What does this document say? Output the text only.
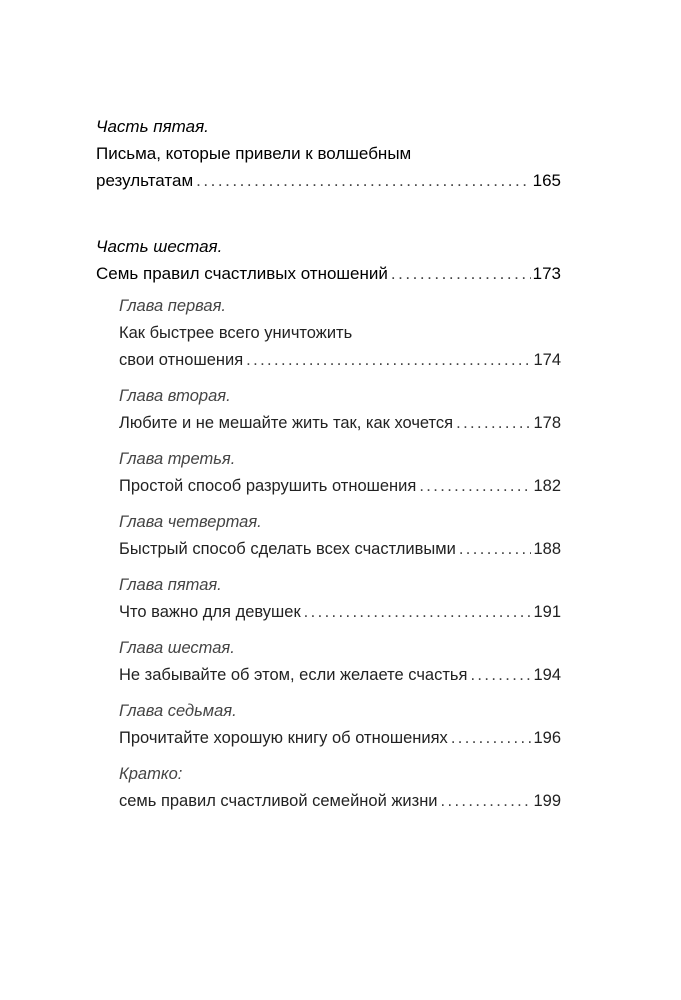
Часть пятая.
Письма, которые привели к волшебным
результатам . . .	165
Часть шестая.
Семь правил счастливых отношений . . .	173
Глава первая.
Как быстрее всего уничтожить
свои отношения . . .	174
Глава вторая.
Любите и не мешайте жить так, как хочется . . .	178
Глава третья.
Простой способ разрушить отношения . . .	182
Глава четвертая.
Быстрый способ сделать всех счастливыми . . .	188
Глава пятая.
Что важно для девушек . . .	191
Глава шестая.
Не забывайте об этом, если желаете счастья . . .	194
Глава седьмая.
Прочитайте хорошую книгу об отношениях . . .	196
Кратко:
семь правил счастливой семейной жизни . . .	199
